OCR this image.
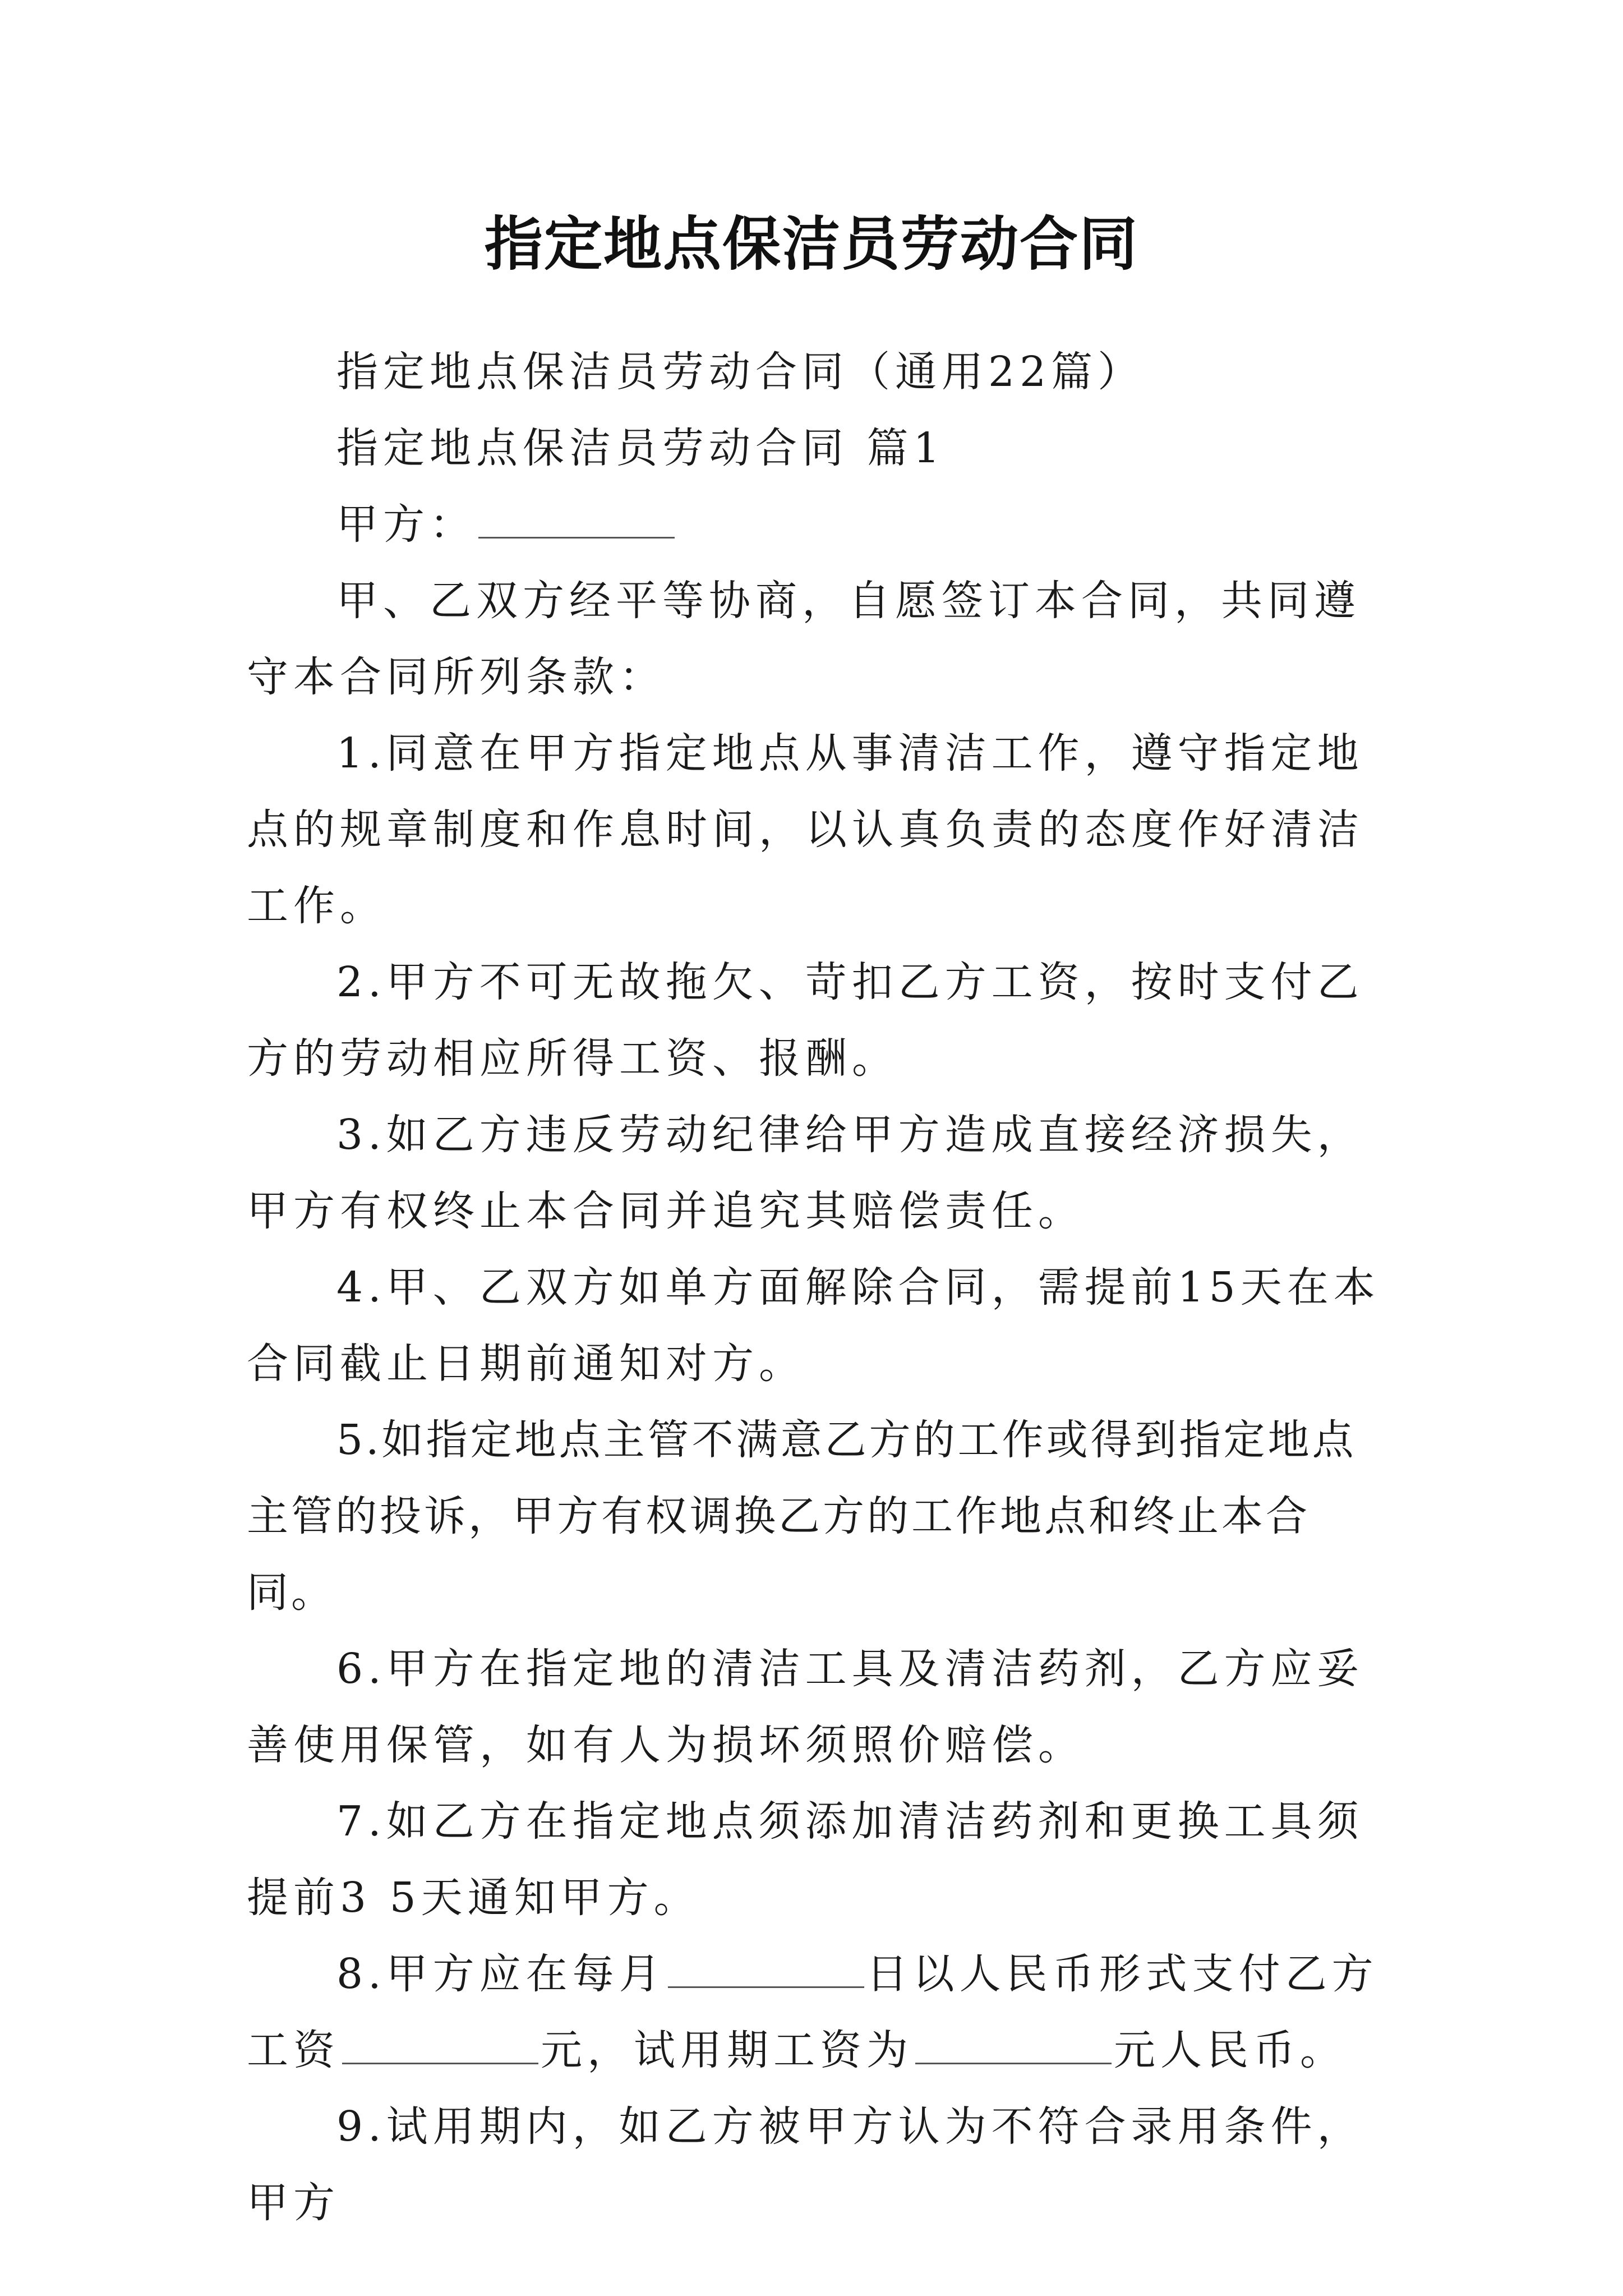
指定地点保洁员劳动合同

指定地点保洁员劳动合同（通用22篇）

指定地点保洁员劳动合同 篇1

甲方：

甲、乙双方经平等协商，自愿签订本合同，共同遵守本合同所列条款：

1.同意在甲方指定地点从事清洁工作，遵守指定地点的规章制度和作息时间，以认真负责的态度作好清洁工作。

2.甲方不可无故拖欠、苛扣乙方工资，按时支付乙方的劳动相应所得工资、报酬。

3.如乙方违反劳动纪律给甲方造成直接经济损失，甲方有权终止本合同并追究其赔偿责任。

4.甲、乙双方如单方面解除合同，需提前15天在本合同截止日期前通知对方。

5.如指定地点主管不满意乙方的工作或得到指定地点主管的投诉，甲方有权调换乙方的工作地点和终止本合同。

6.甲方在指定地的清洁工具及清洁药剂，乙方应妥善使用保管，如有人为损坏须照价赔偿。

7.如乙方在指定地点须添加清洁药剂和更换工具须提前3 5天通知甲方。

8.甲方应在每月	日以人民币形式支付乙方工资	元，试用期工资为	元人民币。

9.试用期内，如乙方被甲方认为不符合录用条件，甲方
